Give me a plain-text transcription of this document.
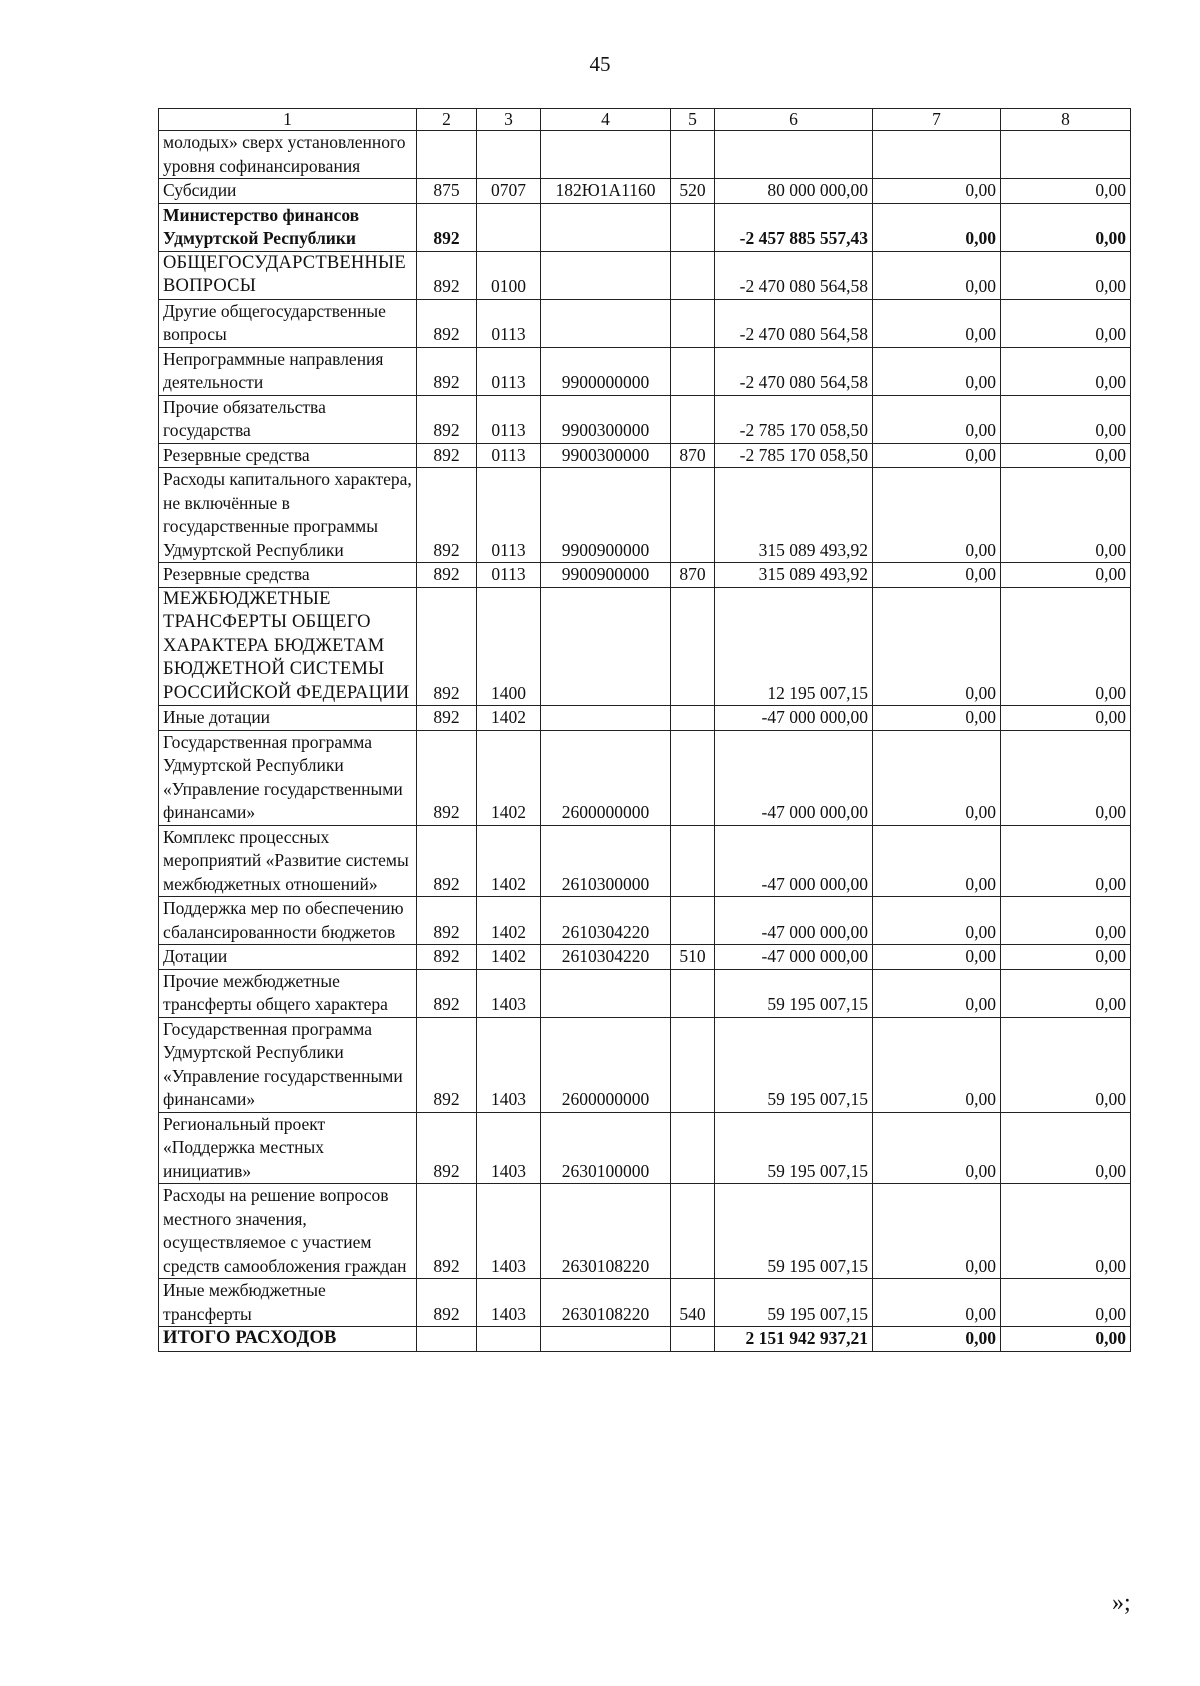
45
1	2	3	4	5	6	7	8
молодых» сверх установленного уровня софинансирования							
Субсидии	875	0707	182Ю1А1160	520	80 000 000,00	0,00	0,00
Министерство финансов Удмуртской Республики	892				-2 457 885 557,43	0,00	0,00
ОБЩЕГОСУДАРСТВЕННЫЕ ВОПРОСЫ	892	0100			-2 470 080 564,58	0,00	0,00
Другие общегосударственные вопросы	892	0113			-2 470 080 564,58	0,00	0,00
Непрограммные направления деятельности	892	0113	9900000000		-2 470 080 564,58	0,00	0,00
Прочие обязательства государства	892	0113	9900300000		-2 785 170 058,50	0,00	0,00
Резервные средства	892	0113	9900300000	870	-2 785 170 058,50	0,00	0,00
Расходы капитального характера, не включённые в государственные программы Удмуртской Республики	892	0113	9900900000		315 089 493,92	0,00	0,00
Резервные средства	892	0113	9900900000	870	315 089 493,92	0,00	0,00
МЕЖБЮДЖЕТНЫЕ ТРАНСФЕРТЫ ОБЩЕГО ХАРАКТЕРА БЮДЖЕТАМ БЮДЖЕТНОЙ СИСТЕМЫ РОССИЙСКОЙ ФЕДЕРАЦИИ	892	1400			12 195 007,15	0,00	0,00
Иные дотации	892	1402			-47 000 000,00	0,00	0,00
Государственная программа Удмуртской Республики «Управление государственными финансами»	892	1402	2600000000		-47 000 000,00	0,00	0,00
Комплекс процессных мероприятий «Развитие системы межбюджетных отношений»	892	1402	2610300000		-47 000 000,00	0,00	0,00
Поддержка мер по обеспечению сбалансированности бюджетов	892	1402	2610304220		-47 000 000,00	0,00	0,00
Дотации	892	1402	2610304220	510	-47 000 000,00	0,00	0,00
Прочие межбюджетные трансферты общего характера	892	1403			59 195 007,15	0,00	0,00
Государственная программа Удмуртской Республики «Управление государственными финансами»	892	1403	2600000000		59 195 007,15	0,00	0,00
Региональный проект «Поддержка местных инициатив»	892	1403	2630100000		59 195 007,15	0,00	0,00
Расходы на решение вопросов местного значения, осуществляемое с участием средств самообложения граждан	892	1403	2630108220		59 195 007,15	0,00	0,00
Иные межбюджетные трансферты	892	1403	2630108220	540	59 195 007,15	0,00	0,00
ИТОГО РАСХОДОВ					2 151 942 937,21	0,00	0,00
»;
